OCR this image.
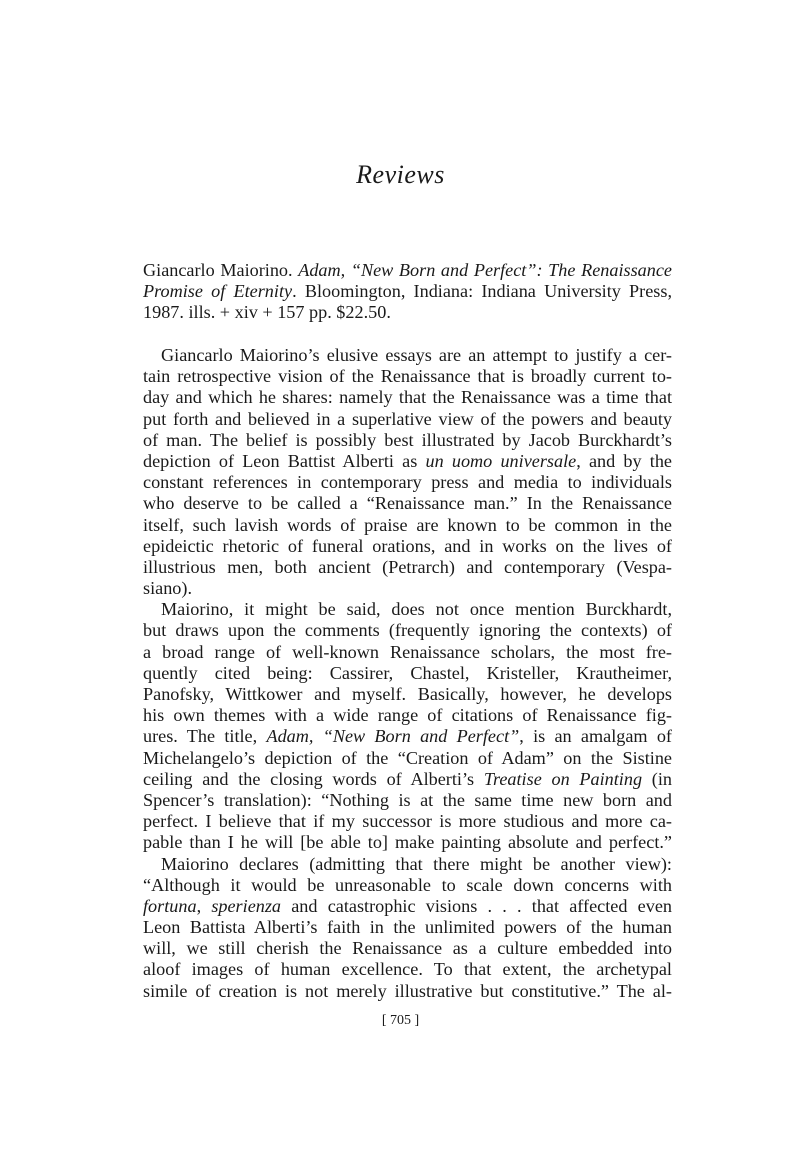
Reviews
Giancarlo Maiorino. Adam, “New Born and Perfect”: The Renaissance
Promise of Eternity. Bloomington, Indiana: Indiana University Press,
1987. ills. + xiv + 157 pp. $22.50.
Giancarlo Maiorino’s elusive essays are an attempt to justify a cer-
tain retrospective vision of the Renaissance that is broadly current to-
day and which he shares: namely that the Renaissance was a time that
put forth and believed in a superlative view of the powers and beauty
of man. The belief is possibly best illustrated by Jacob Burckhardt’s
depiction of Leon Battist Alberti as un uomo universale, and by the
constant references in contemporary press and media to individuals
who deserve to be called a “Renaissance man.” In the Renaissance
itself, such lavish words of praise are known to be common in the
epideictic rhetoric of funeral orations, and in works on the lives of
illustrious men, both ancient (Petrarch) and contemporary (Vespa-
siano).
Maiorino, it might be said, does not once mention Burckhardt,
but draws upon the comments (frequently ignoring the contexts) of
a broad range of well-known Renaissance scholars, the most fre-
quently cited being: Cassirer, Chastel, Kristeller, Krautheimer,
Panofsky, Wittkower and myself. Basically, however, he develops
his own themes with a wide range of citations of Renaissance fig-
ures. The title, Adam, “New Born and Perfect”, is an amalgam of
Michelangelo’s depiction of the “Creation of Adam” on the Sistine
ceiling and the closing words of Alberti’s Treatise on Painting (in
Spencer’s translation): “Nothing is at the same time new born and
perfect. I believe that if my successor is more studious and more ca-
pable than I he will [be able to] make painting absolute and perfect.”
Maiorino declares (admitting that there might be another view):
“Although it would be unreasonable to scale down concerns with
fortuna, sperienza and catastrophic visions . . . that affected even
Leon Battista Alberti’s faith in the unlimited powers of the human
will, we still cherish the Renaissance as a culture embedded into
aloof images of human excellence. To that extent, the archetypal
simile of creation is not merely illustrative but constitutive.” The al-
[ 705 ]
